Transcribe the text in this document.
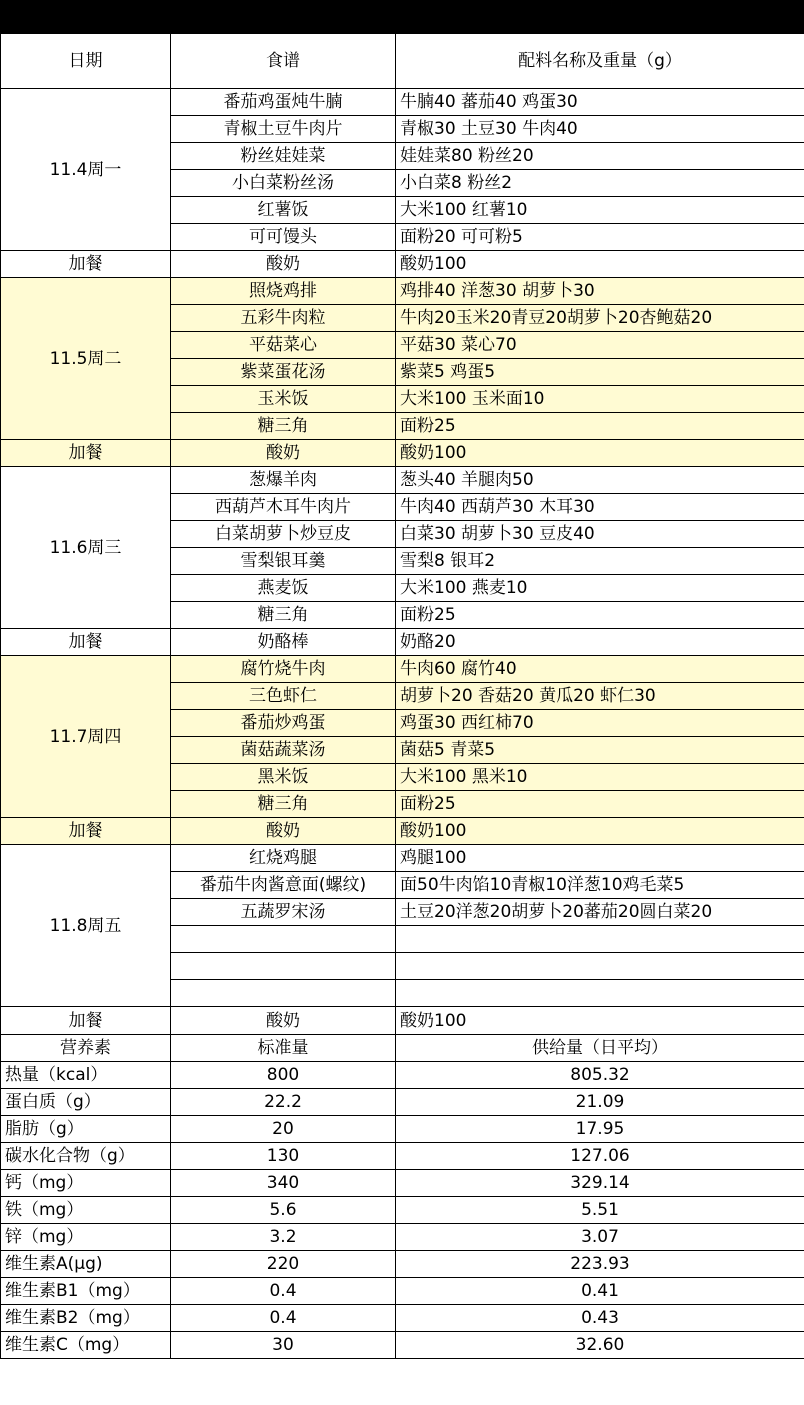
日期	食谱	配料名称及重量（g）
11.4周一	番茄鸡蛋炖牛腩	牛腩40 蕃茄40 鸡蛋30
	青椒土豆牛肉片	青椒30 土豆30 牛肉40
	粉丝娃娃菜	娃娃菜80 粉丝20
	小白菜粉丝汤	小白菜8 粉丝2
	红薯饭	大米100 红薯10
	可可馒头	面粉20 可可粉5
加餐	酸奶	酸奶100
11.5周二	照烧鸡排	鸡排40 洋葱30 胡萝卜30
	五彩牛肉粒	牛肉20玉米20青豆20胡萝卜20杏鲍菇20
	平菇菜心	平菇30 菜心70
	紫菜蛋花汤	紫菜5 鸡蛋5
	玉米饭	大米100 玉米面10
	糖三角	面粉25
加餐	酸奶	酸奶100
11.6周三	葱爆羊肉	葱头40 羊腿肉50
	西葫芦木耳牛肉片	牛肉40 西葫芦30 木耳30
	白菜胡萝卜炒豆皮	白菜30 胡萝卜30 豆皮40
	雪梨银耳羹	雪梨8 银耳2
	燕麦饭	大米100 燕麦10
	糖三角	面粉25
加餐	奶酪棒	奶酪20
11.7周四	腐竹烧牛肉	牛肉60 腐竹40
	三色虾仁	胡萝卜20 香菇20 黄瓜20 虾仁30
	番茄炒鸡蛋	鸡蛋30 西红柿70
	菌菇蔬菜汤	菌菇5 青菜5
	黑米饭	大米100 黑米10
	糖三角	面粉25
加餐	酸奶	酸奶100
11.8周五	红烧鸡腿	鸡腿100
	番茄牛肉酱意面(螺纹)	面50牛肉馅10青椒10洋葱10鸡毛菜5
	五蔬罗宋汤	土豆20洋葱20胡萝卜20蕃茄20圆白菜20

加餐	酸奶	酸奶100
营养素	标准量	供给量（日平均）
热量（kcal）	800	805.32
蛋白质（g）	22.2	21.09
脂肪（g）	20	17.95
碳水化合物（g）	130	127.06
钙（mg）	340	329.14
铁（mg）	5.6	5.51
锌（mg）	3.2	3.07
维生素A(μg)	220	223.93
维生素B1（mg）	0.4	0.41
维生素B2（mg）	0.4	0.43
维生素C（mg）	30	32.60
